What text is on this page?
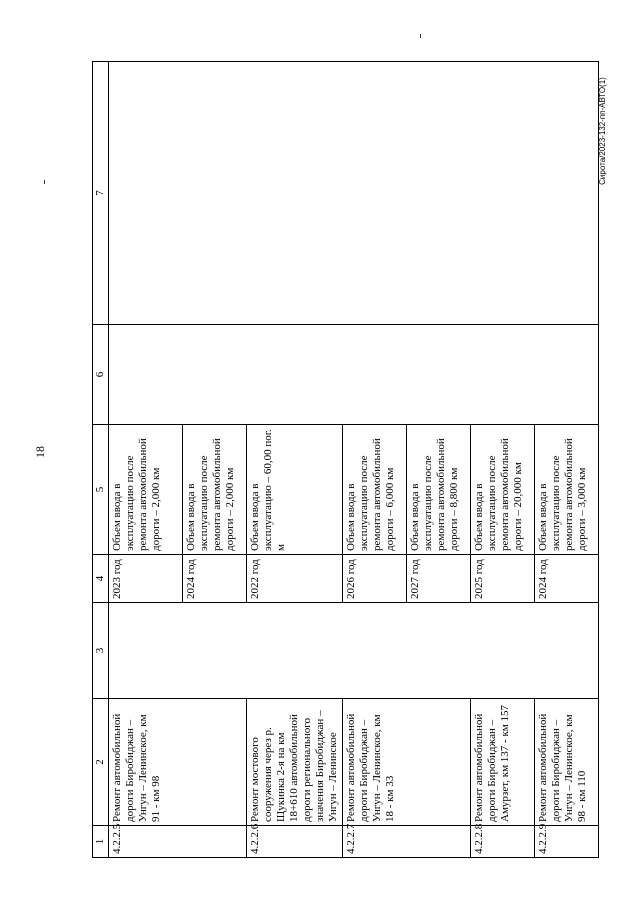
18
Сирота/2023-132-пп-АВТО(1)
1	2	3	4	5	6	7
4.2.2.5	Ремонт автомобильной дороги Биробиджан – Унгун – Ленинское, км 91 - км 98		2023 год	Объем ввода в эксплуатацию после ремонта автомобильной дороги – 2,000 км		
			2024 год	Объем ввода в эксплуатацию после ремонта автомобильной дороги – 2,000 км		
4.2.2.6	Ремонт мостового сооружения через р. Щукинка 2-я на км 18+610 автомобильной дороги регионального значения Биробиджан – Унгун – Ленинское		2022 год	Объем ввода в эксплуатацию – 60,00 пог. м		
4.2.2.7	Ремонт автомобильной дороги Биробиджан – Унгун – Ленинское, км 18 - км 33		2026 год	Объем ввода в эксплуатацию после ремонта автомобильной дороги – 6,000 км		
			2027 год	Объем ввода в эксплуатацию после ремонта автомобильной дороги – 8,800 км		
4.2.2.8	Ремонт автомобильной дороги Биробиджан – Амурзет, км 137 - км 157		2025 год	Объем ввода в эксплуатацию после ремонта автомобильной дороги – 20,000 км		
4.2.2.9	Ремонт автомобильной дороги Биробиджан – Унгун – Ленинское, км 98 - км 110		2024 год	Объем ввода в эксплуатацию после ремонта автомобильной дороги – 3,000 км		
